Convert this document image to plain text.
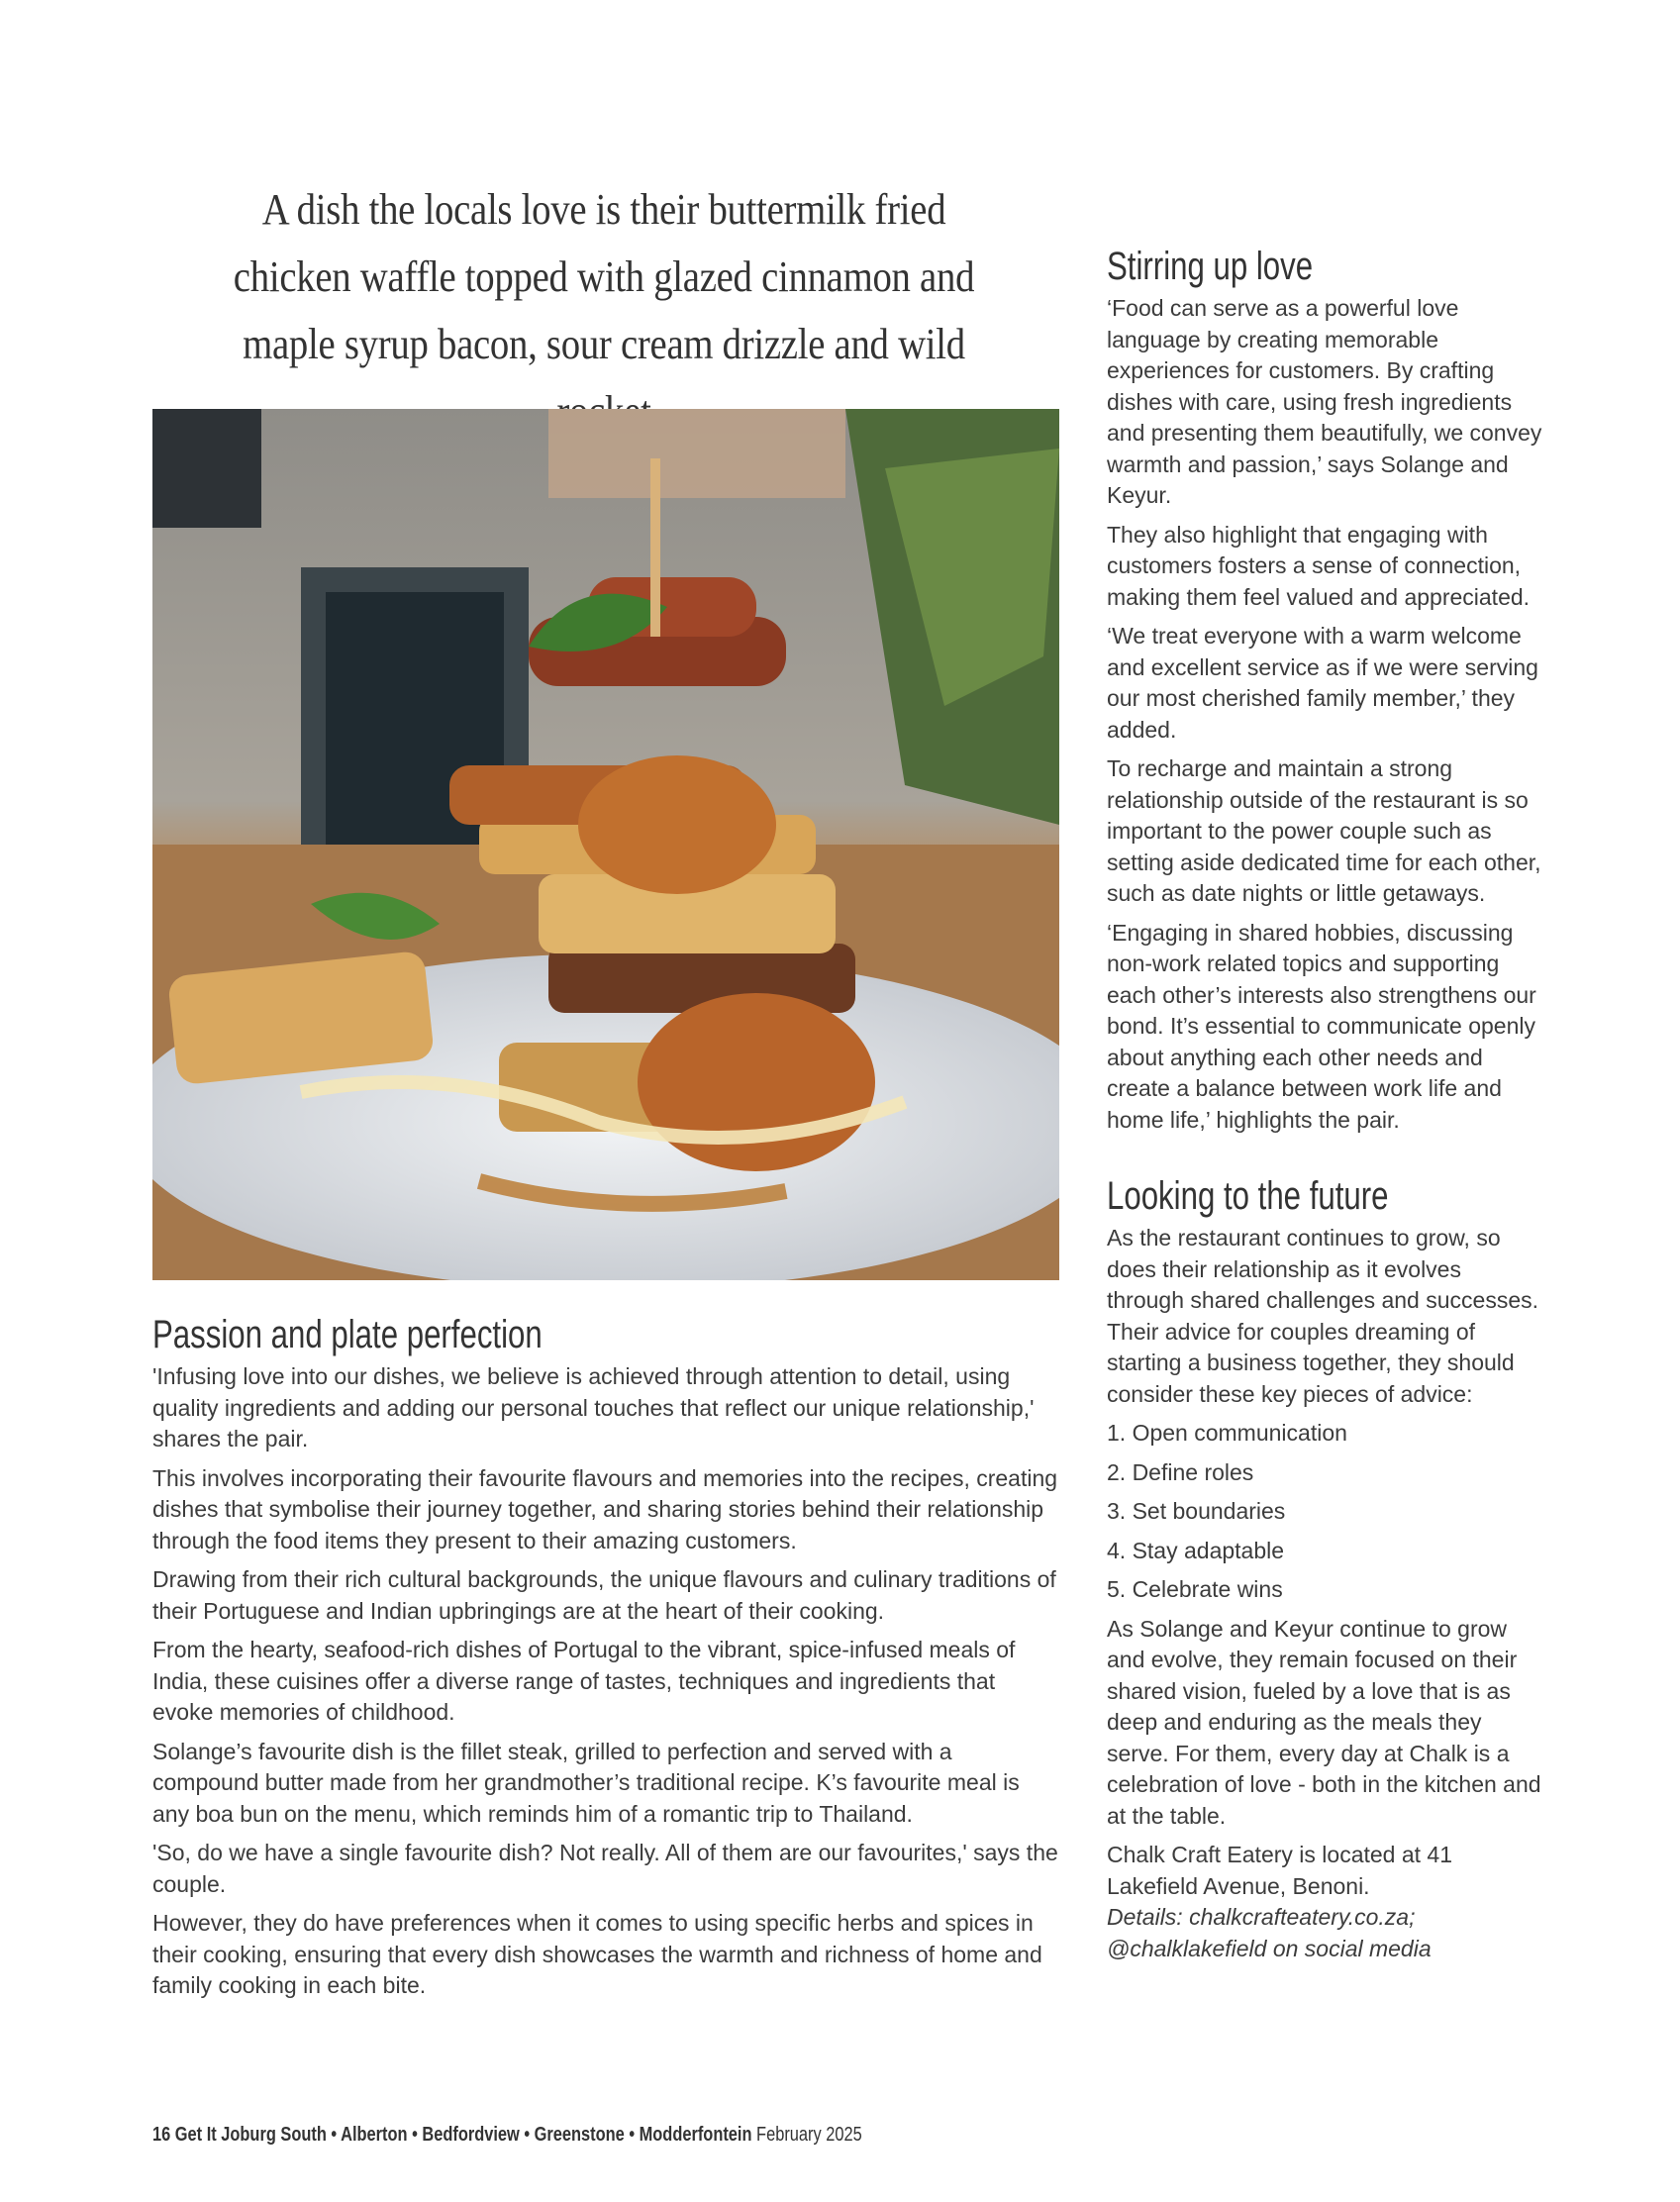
A dish the locals love is their buttermilk fried chicken waffle topped with glazed cinnamon and maple syrup bacon, sour cream drizzle and wild
Passion and plate perfection

'Infusing love into our dishes, we believe is achieved through attention to detail, using quality ingredients and adding our personal touches that reflect our unique relationship,' shares the pair.

This involves incorporating their favourite flavours and memories into the recipes, creating dishes that symbolise their journey together, and sharing stories behind their relationship through the food items they present to their amazing customers.

Drawing from their rich cultural backgrounds, the unique flavours and culinary traditions of their Portuguese and Indian upbringings are at the heart of their cooking.

From the hearty, seafood-rich dishes of Portugal to the vibrant, spice-infused meals of India, these cuisines offer a diverse range of tastes, techniques and ingredients that evoke memories of childhood.

Solange’s favourite dish is the fillet steak, grilled to perfection and served with a compound butter made from her grandmother’s traditional recipe. K’s favourite meal is any boa bun on the menu, which reminds him of a romantic trip to Thailand.

'So, do we have a single favourite dish? Not really. All of them are our favourites,' says the couple.

However, they do have preferences when it comes to using specific herbs and spices in their cooking, ensuring that every dish showcases the warmth and richness of home and family cooking in each bite.

Stirring up love

‘Food can serve as a powerful love language by creating memorable experiences for customers. By crafting dishes with care, using fresh ingredients and presenting them beautifully, we convey warmth and passion,’ says Solange and Keyur.

They also highlight that engaging with customers fosters a sense of connection, making them feel valued and appreciated.

‘We treat everyone with a warm welcome and excellent service as if we were serving our most cherished family member,’ they added.

To recharge and maintain a strong relationship outside of the restaurant is so important to the power couple such as setting aside dedicated time for each other, such as date nights or little getaways.

‘Engaging in shared hobbies, discussing non-work related topics and supporting each other’s interests also strengthens our bond. It’s essential to communicate openly about anything each other needs and create a balance between work life and home life,’ highlights the pair.

Looking to the future

As the restaurant continues to grow, so does their relationship as it evolves through shared challenges and successes. Their advice for couples dreaming of starting a business together, they should consider these key pieces of advice:

1. Open communication

2. Define roles

3. Set boundaries

4. Stay adaptable

5. Celebrate wins

As Solange and Keyur continue to grow and evolve, they remain focused on their shared vision, fueled by a love that is as deep and enduring as the meals they serve. For them, every day at Chalk is a celebration of love - both in the kitchen and at the table.

Chalk Craft Eatery is located at 41 Lakefield Avenue, Benoni.

Details: chalkcrafteatery.co.za;
@chalklakefield on social media

16 Get It Joburg South • Alberton • Bedfordview • Greenstone • Modderfontein February 2025
